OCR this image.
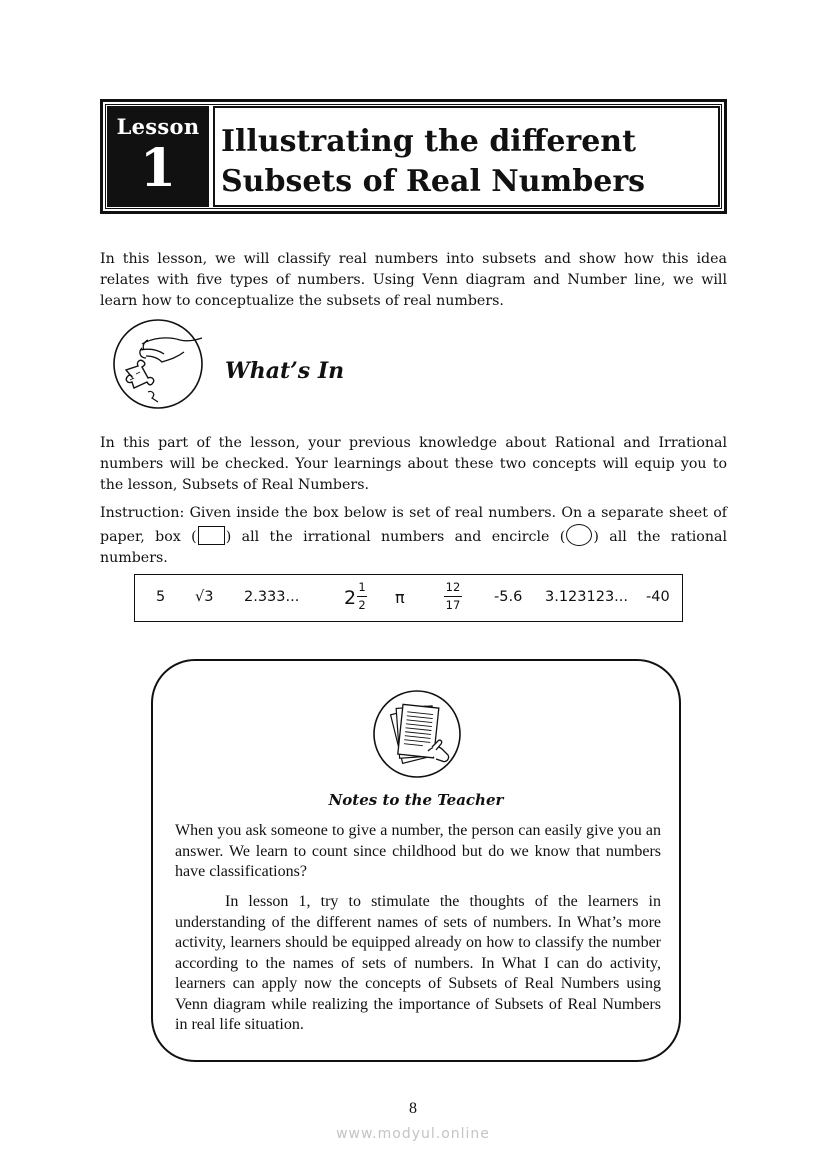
Lesson
1	Illustrating the different
Subsets of Real Numbers

In this lesson, we will classify real numbers into subsets and show how this idea relates with five types of numbers. Using Venn diagram and Number line, we will learn how to conceptualize the subsets of real numbers.

What’s In

In this part of the lesson, your previous knowledge about Rational and Irrational numbers will be checked. Your learnings about these two concepts will equip you to the lesson, Subsets of Real Numbers.

Instruction: Given inside the box below is set of real numbers. On a separate sheet of paper, box ( ) all the irrational numbers and encircle ( ) all the rational numbers.

5 √3 2.333... 2 1
2 π
12
17 -5.6 3.123123... -40
Notes to the Teacher

When you ask someone to give a number, the person can easily give you an answer. We learn to count since childhood but do we know that numbers have classifications?

In lesson 1, try to stimulate the thoughts of the learners in understanding of the different names of sets of numbers. In What’s more activity, learners should be equipped already on how to classify the number according to the names of sets of numbers. In What I can do activity, learners can apply now the concepts of Subsets of Real Numbers using Venn diagram while realizing the importance of Subsets of Real Numbers in real life situation.

8
www.modyul.online
